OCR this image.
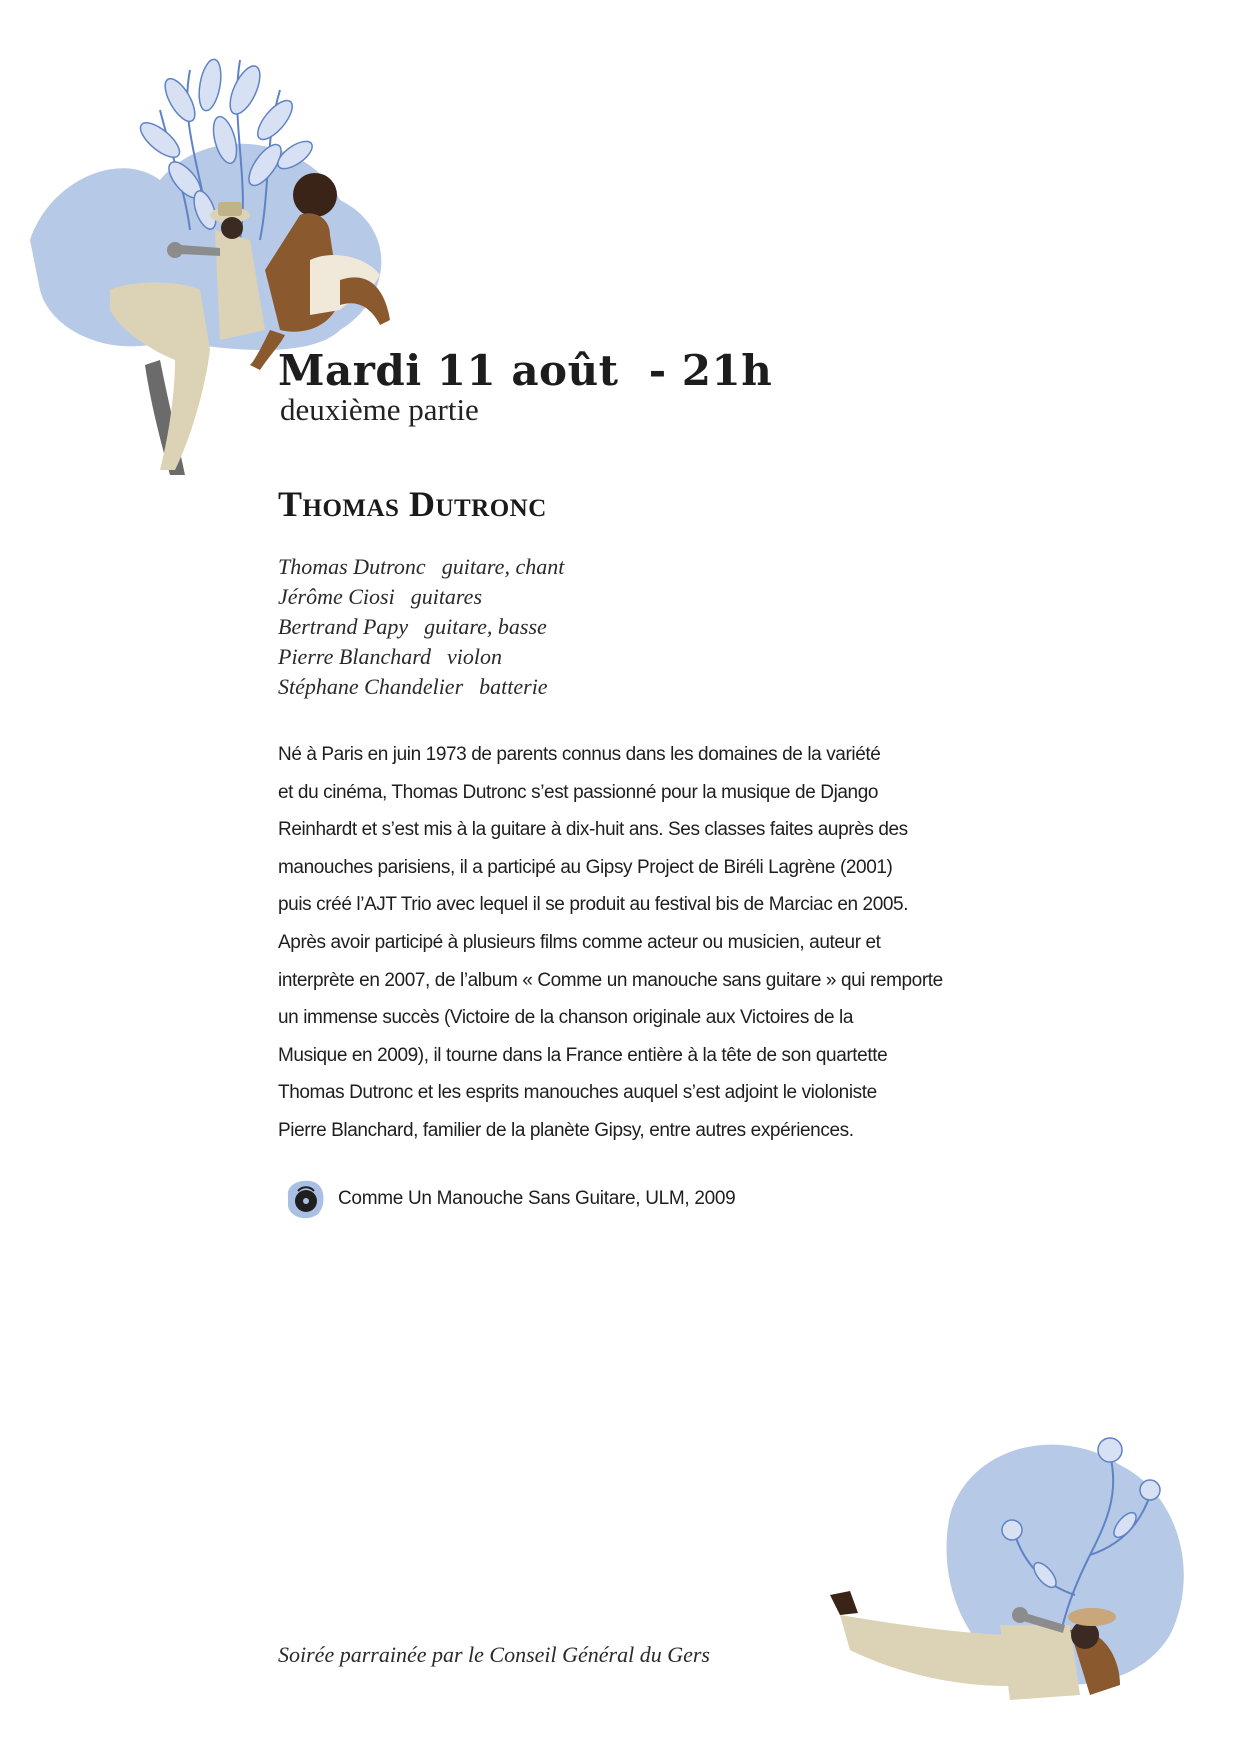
Mardi 11 août  - 21h

deuxième partie

Thomas Dutronc
Thomas Dutronc guitare, chant
Jérôme Ciosi guitares
Bertrand Papy guitare, basse
Pierre Blanchard violon
Stéphane Chandelier batterie

Né à Paris en juin 1973 de parents connus dans les domaines de la variété
et du cinéma, Thomas Dutronc s’est passionné pour la musique de Django
Reinhardt et s’est mis à la guitare à dix-huit ans. Ses classes faites auprès des
manouches parisiens, il a participé au Gipsy Project de Biréli Lagrène (2001)
puis créé l’AJT Trio avec lequel il se produit au festival bis de Marciac en 2005.
Après avoir participé à plusieurs films comme acteur ou musicien, auteur et
interprète en 2007, de l’album « Comme un manouche sans guitare » qui remporte
un immense succès (Victoire de la chanson originale aux Victoires de la
Musique en 2009), il tourne dans la France entière à la tête de son quartette
Thomas Dutronc et les esprits manouches auquel s’est adjoint le violoniste
Pierre Blanchard, familier de la planète Gipsy, entre autres expériences.

Comme Un Manouche Sans Guitare, ULM, 2009

Soirée parrainée par le Conseil Général du Gers
